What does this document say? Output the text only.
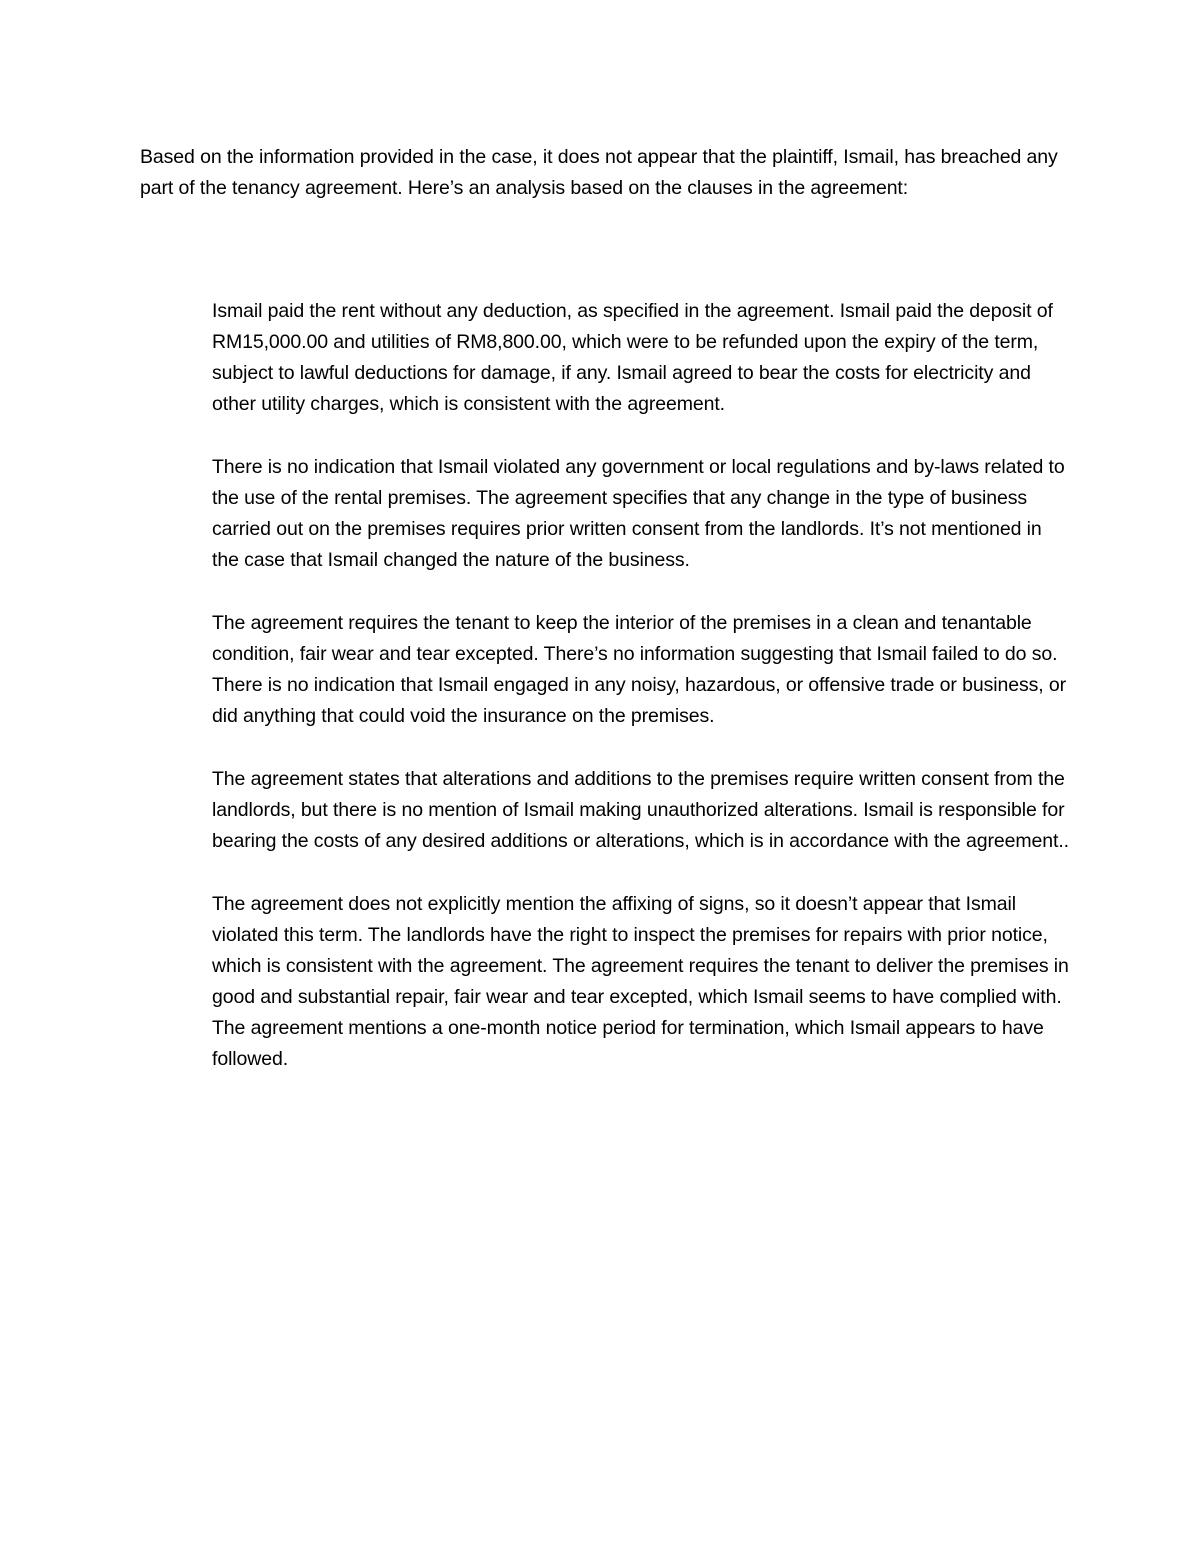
Based on the information provided in the case, it does not appear that the plaintiff, Ismail, has breached any part of the tenancy agreement. Here’s an analysis based on the clauses in the agreement:

Ismail paid the rent without any deduction, as specified in the agreement. Ismail paid the deposit of RM15,000.00 and utilities of RM8,800.00, which were to be refunded upon the expiry of the term, subject to lawful deductions for damage, if any. Ismail agreed to bear the costs for electricity and other utility charges, which is consistent with the agreement.

There is no indication that Ismail violated any government or local regulations and by-laws related to the use of the rental premises. The agreement specifies that any change in the type of business carried out on the premises requires prior written consent from the landlords. It’s not mentioned in the case that Ismail changed the nature of the business.

The agreement requires the tenant to keep the interior of the premises in a clean and tenantable condition, fair wear and tear excepted. There’s no information suggesting that Ismail failed to do so. There is no indication that Ismail engaged in any noisy, hazardous, or offensive trade or business, or did anything that could void the insurance on the premises.

The agreement states that alterations and additions to the premises require written consent from the landlords, but there is no mention of Ismail making unauthorized alterations. Ismail is responsible for bearing the costs of any desired additions or alterations, which is in accordance with the agreement..

The agreement does not explicitly mention the affixing of signs, so it doesn’t appear that Ismail violated this term. The landlords have the right to inspect the premises for repairs with prior notice, which is consistent with the agreement. The agreement requires the tenant to deliver the premises in good and substantial repair, fair wear and tear excepted, which Ismail seems to have complied with. The agreement mentions a one-month notice period for termination, which Ismail appears to have followed.
